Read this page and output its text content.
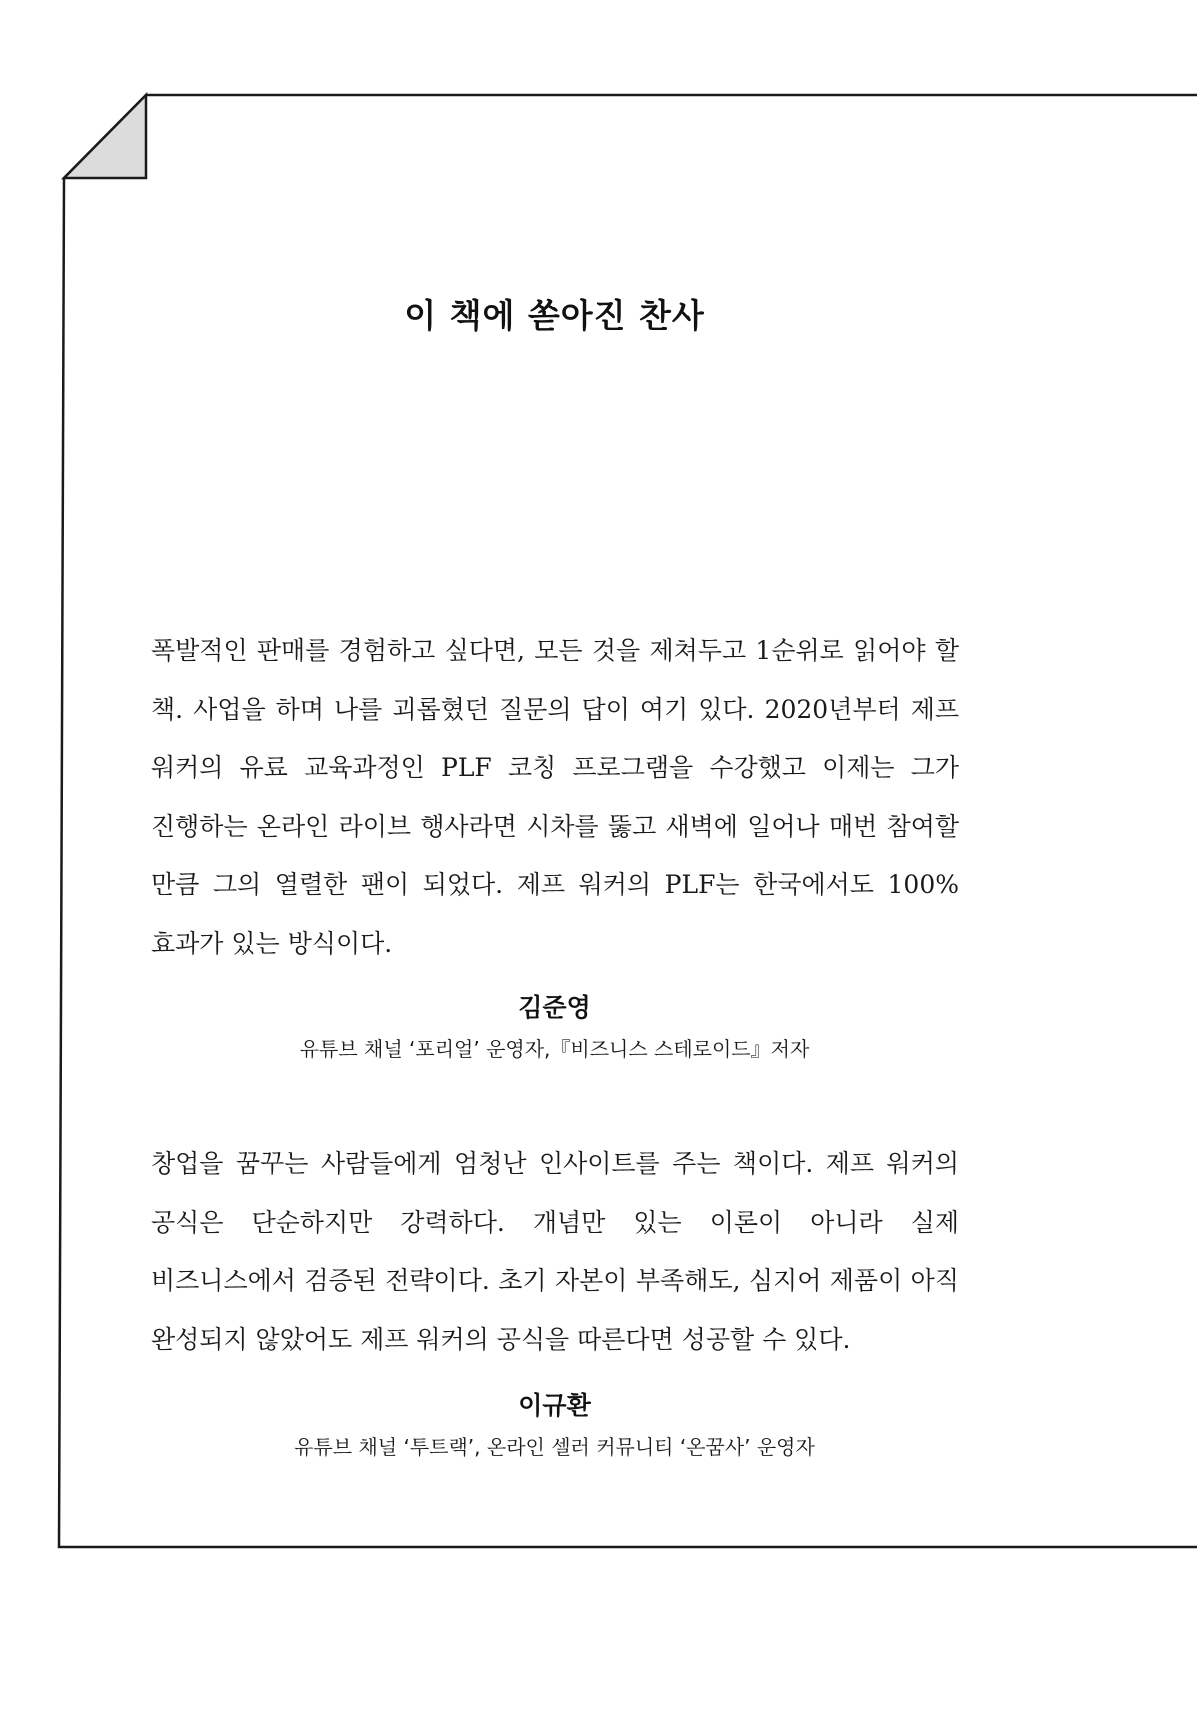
이 책에 쏟아진 찬사

폭발적인 판매를 경험하고 싶다면, 모든 것을 제쳐두고 1순위로 읽어야 할 책. 사업을 하며 나를 괴롭혔던 질문의 답이 여기 있다. 2020년부터 제프 워커의 유료 교육과정인 PLF 코칭 프로그램을 수강했고 이제는 그가 진행하는 온라인 라이브 행사라면 시차를 뚫고 새벽에 일어나 매번 참여할 만큼 그의 열렬한 팬이 되었다. 제프 워커의 PLF는 한국에서도 100% 효과가 있는 방식이다.

김준영
유튜브 채널 ‘포리얼’ 운영자,『비즈니스 스테로이드』저자

창업을 꿈꾸는 사람들에게 엄청난 인사이트를 주는 책이다. 제프 워커의 공식은 단순하지만 강력하다. 개념만 있는 이론이 아니라 실제 비즈니스에서 검증된 전략이다. 초기 자본이 부족해도, 심지어 제품이 아직 완성되지 않았어도 제프 워커의 공식을 따른다면 성공할 수 있다.

이규환
유튜브 채널 ‘투트랙’, 온라인 셀러 커뮤니티 ‘온꿈사’ 운영자
